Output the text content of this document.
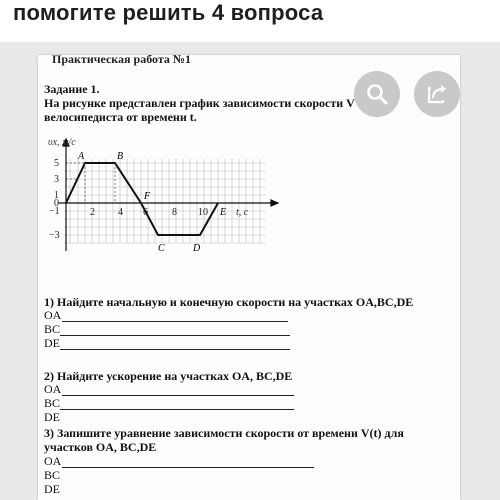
помогите решить 4 вопроса
Практическая работа №1
Задание 1.
На рисунке представлен график зависимости скорости V велосипедиста от времени t.
υx, м/с
5
3
1
0
−1
−3
2 4 6 8 10
A	B
F
C	D
E t, с
1) Найдите начальную и конечную скорости на участках OA,BC,DE
OA
BC
DE
2) Найдите ускорение на участках OA, BC,DE
OA
BC
DE
3) Запишите уравнение зависимости скорости от времени V(t) для участков OA, BC,DE
OA
BC
DE
